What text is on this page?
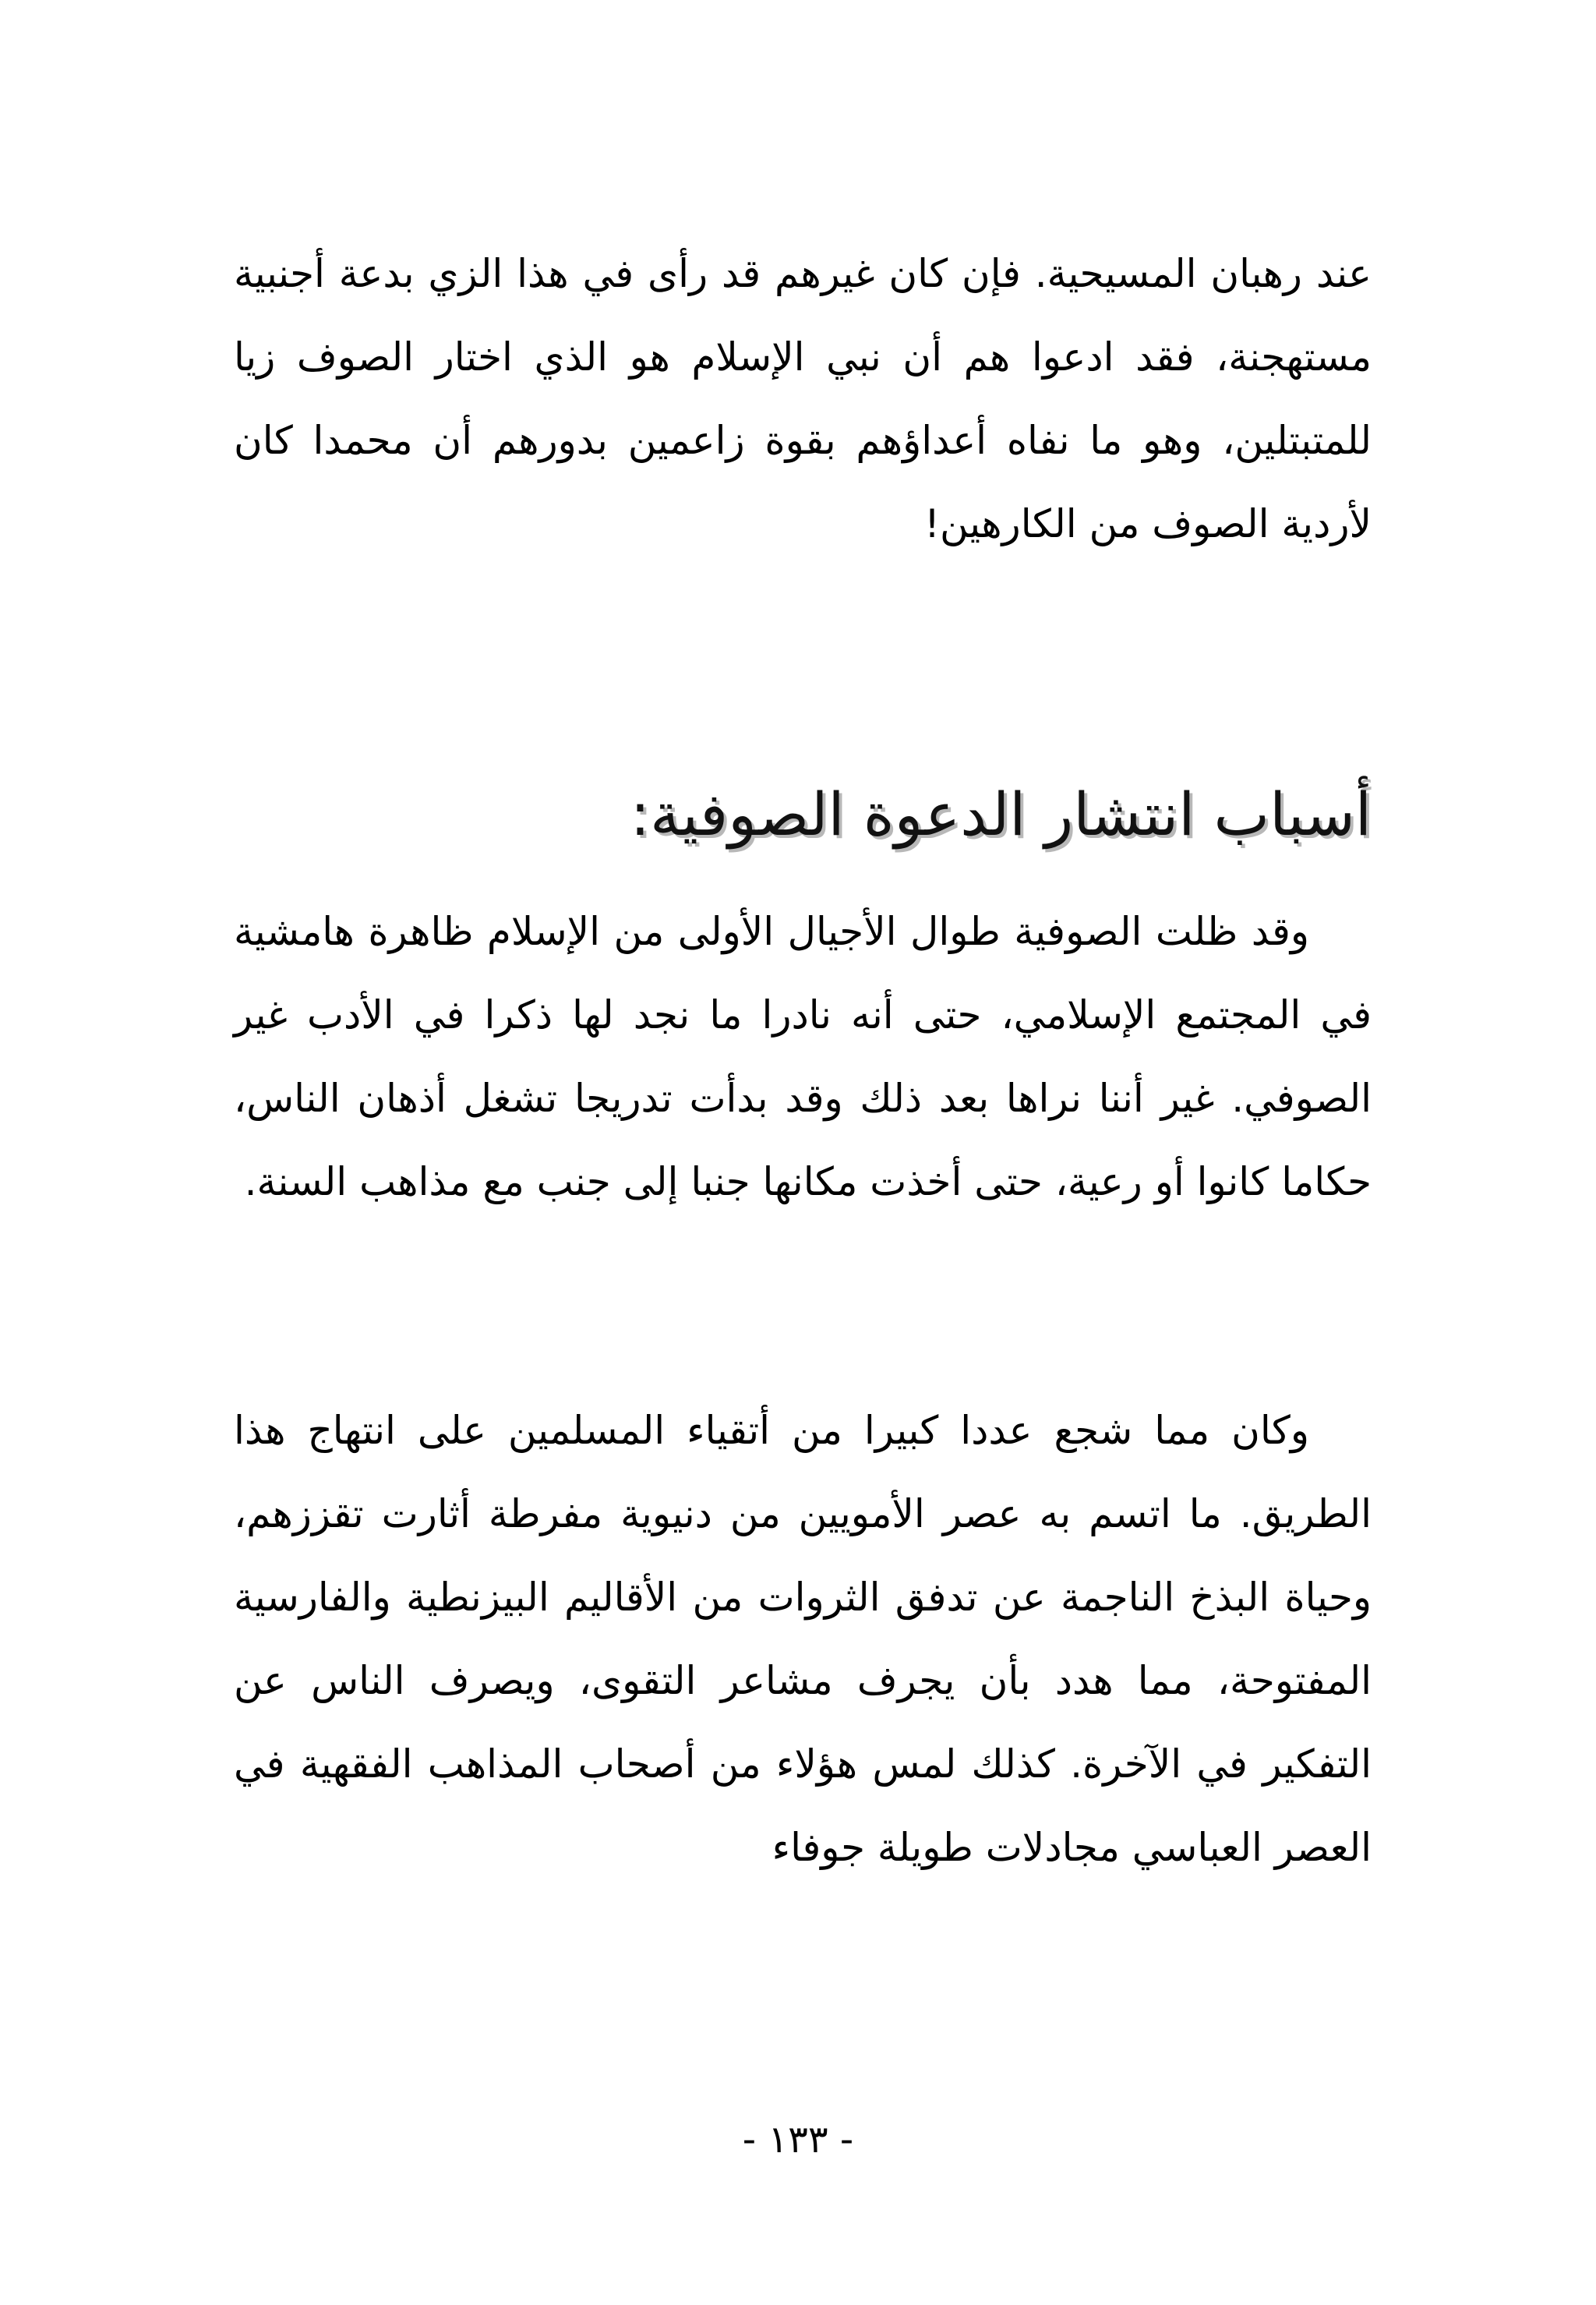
عند رهبان المسيحية. فإن كان غيرهم قد رأى في هذا الزي بدعة أجنبية مستهجنة، فقد ادعوا هم أن نبي الإسلام هو الذي اختار الصوف زيا للمتبتلين، وهو ما نفاه أعداؤهم بقوة زاعمين بدورهم أن محمدا كان لأردية الصوف من الكارهين!

أسباب انتشار الدعوة الصوفية:

وقد ظلت الصوفية طوال الأجيال الأولى من الإسلام ظاهرة هامشية في المجتمع الإسلامي، حتى أنه نادرا ما نجد لها ذكرا في الأدب غير الصوفي. غير أننا نراها بعد ذلك وقد بدأت تدريجا تشغل أذهان الناس، حكاما كانوا أو رعية، حتى أخذت مكانها جنبا إلى جنب مع مذاهب السنة.

وكان مما شجع عددا كبيرا من أتقياء المسلمين على انتهاج هذا الطريق. ما اتسم به عصر الأمويين من دنيوية مفرطة أثارت تقززهم، وحياة البذخ الناجمة عن تدفق الثروات من الأقاليم البيزنطية والفارسية المفتوحة، مما هدد بأن يجرف مشاعر التقوى، ويصرف الناس عن التفكير في الآخرة. كذلك لمس هؤلاء من أصحاب المذاهب الفقهية في العصر العباسي مجادلات طويلة جوفاء

- ١٣٣ -
